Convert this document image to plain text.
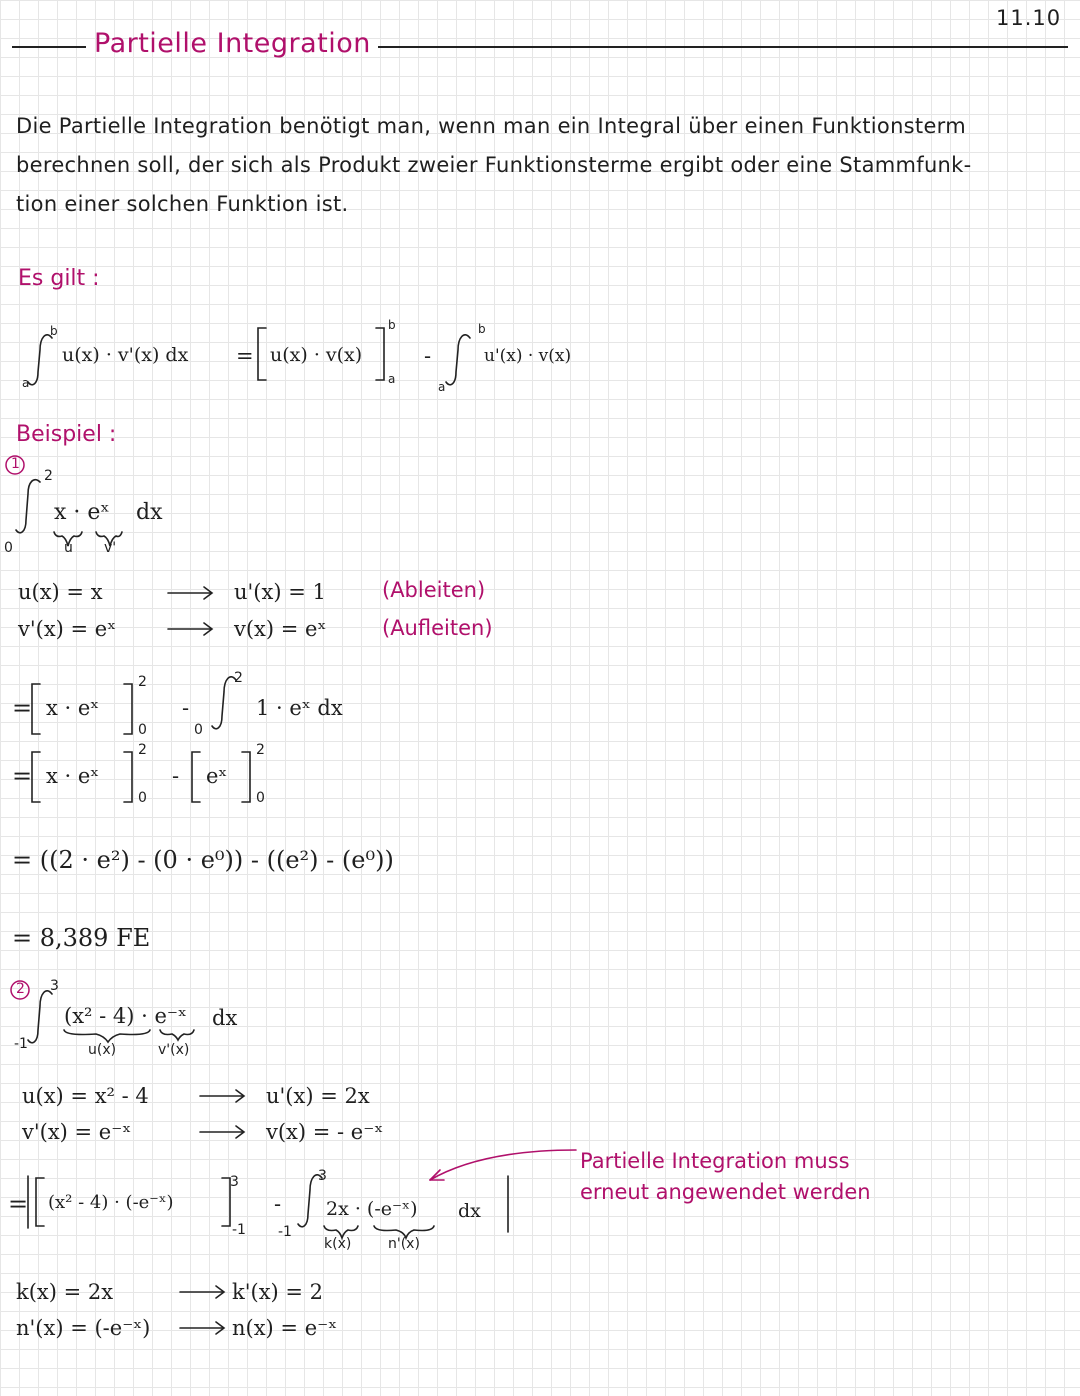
Partielle Integration
11.10
Die Partielle Integration benötigt man, wenn man ein Integral über einen Funktionsterm
berechnen soll, der sich als Produkt zweier Funktionsterme ergibt oder eine Stammfunk-
tion einer solchen Funktion ist.
Es gilt :
a
b
u(x) · v'(x) dx = u(x) · v(x)
b
a
-
a
b
u'(x) · v(x)
Beispiel :
1
2
0
x · eˣ dx
u v'
u(x) = x	u'(x) = 1	(Ableiten)
v'(x) = eˣ	v(x) = eˣ	(Aufleiten)
= x · eˣ
2
0
-
0
2
1 · eˣ dx
= x · eˣ
2
0
- eˣ
2
0
= ((2 · e²) - (0 · e⁰)) - ((e²) - (e⁰))
= 8,389 FE
2 3
-1
(x² - 4) · e⁻ˣ dx
u(x)	v'(x)
u(x) = x² - 4	u'(x) = 2x
v'(x) = e⁻ˣ	v(x) = - e⁻ˣ
= (x² - 4) · (-e⁻ˣ)
3
-1
-
-1
3
2x · (-e⁻ˣ) dx
k(x)	n'(x)
Partielle Integration muss
erneut angewendet werden
k(x) = 2x	k'(x) = 2
n'(x) = (-e⁻ˣ)	n(x) = e⁻ˣ
